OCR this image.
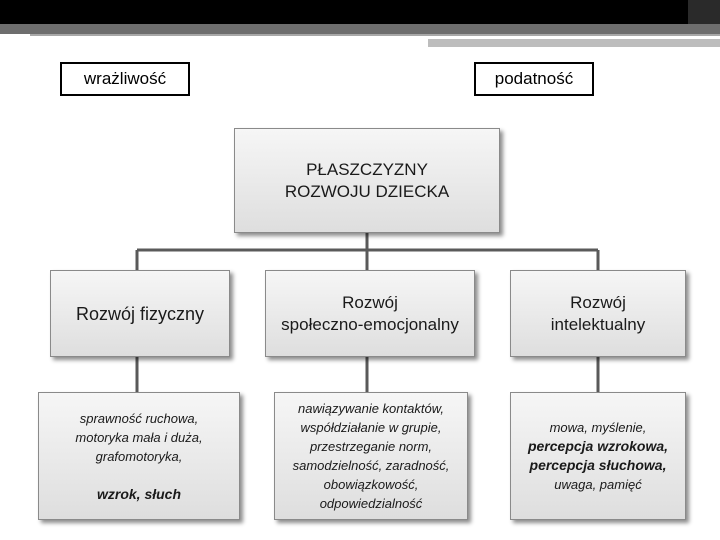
wrażliwość	podatność
PŁASZCZYZNY
ROZWOJU DZIECKA
Rozwój fizyczny
Rozwój
społeczno-emocjonalny
Rozwój
intelektualny
sprawność ruchowa,
motoryka mała i duża,
grafomotoryka,
wzrok, słuch
nawiązywanie kontaktów,
współdziałanie w grupie,
przestrzeganie norm,
samodzielność, zaradność,
obowiązkowość,
odpowiedzialność
mowa, myślenie,
percepcja wzrokowa,
percepcja słuchowa,
uwaga, pamięć
